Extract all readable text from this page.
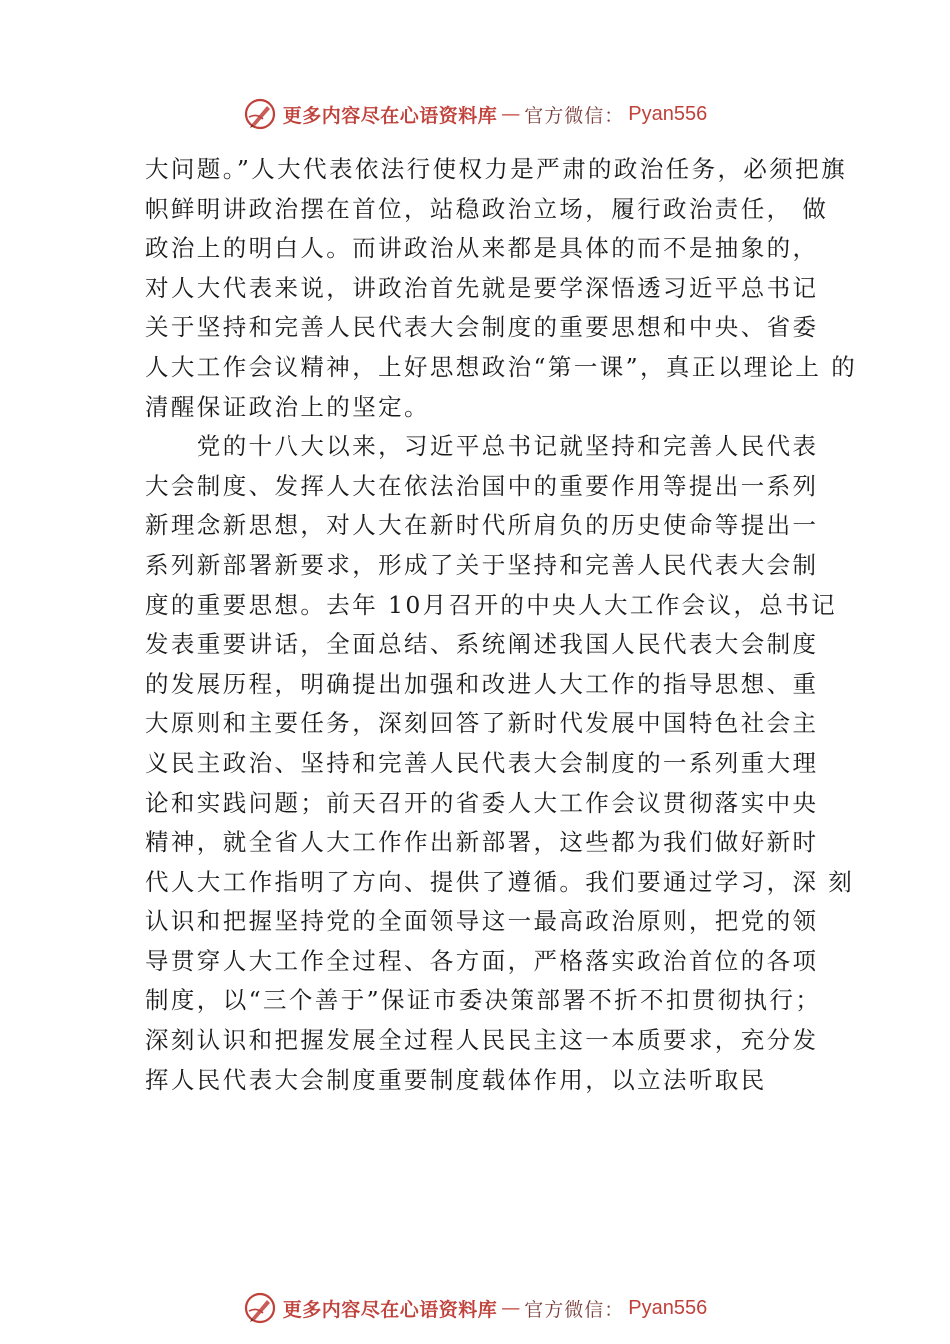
更多内容尽在心语资料库 — 官方微信： Pyan556
大问题。”人大代表依法行使权力是严肃的政治任务，必须把旗
帜鲜明讲政治摆在首位，站稳政治立场，履行政治责任， 做
政治上的明白人。而讲政治从来都是具体的而不是抽象的，
对人大代表来说，讲政治首先就是要学深悟透习近平总书记
关于坚持和完善人民代表大会制度的重要思想和中央、省委
人大工作会议精神，上好思想政治“第一课”，真正以理论上 的
清醒保证政治上的坚定。
　　党的十八大以来，习近平总书记就坚持和完善人民代表
大会制度、发挥人大在依法治国中的重要作用等提出一系列
新理念新思想，对人大在新时代所肩负的历史使命等提出一
系列新部署新要求，形成了关于坚持和完善人民代表大会制
度的重要思想。去年 10月召开的中央人大工作会议，总书记
发表重要讲话，全面总结、系统阐述我国人民代表大会制度
的发展历程，明确提出加强和改进人大工作的指导思想、重
大原则和主要任务，深刻回答了新时代发展中国特色社会主
义民主政治、坚持和完善人民代表大会制度的一系列重大理
论和实践问题；前天召开的省委人大工作会议贯彻落实中央
精神，就全省人大工作作出新部署，这些都为我们做好新时
代人大工作指明了方向、提供了遵循。我们要通过学习，深 刻
认识和把握坚持党的全面领导这一最高政治原则，把党的领
导贯穿人大工作全过程、各方面，严格落实政治首位的各项
制度，以“三个善于”保证市委决策部署不折不扣贯彻执行；
深刻认识和把握发展全过程人民民主这一本质要求，充分发
挥人民代表大会制度重要制度载体作用，以立法听取民
更多内容尽在心语资料库 — 官方微信： Pyan556
